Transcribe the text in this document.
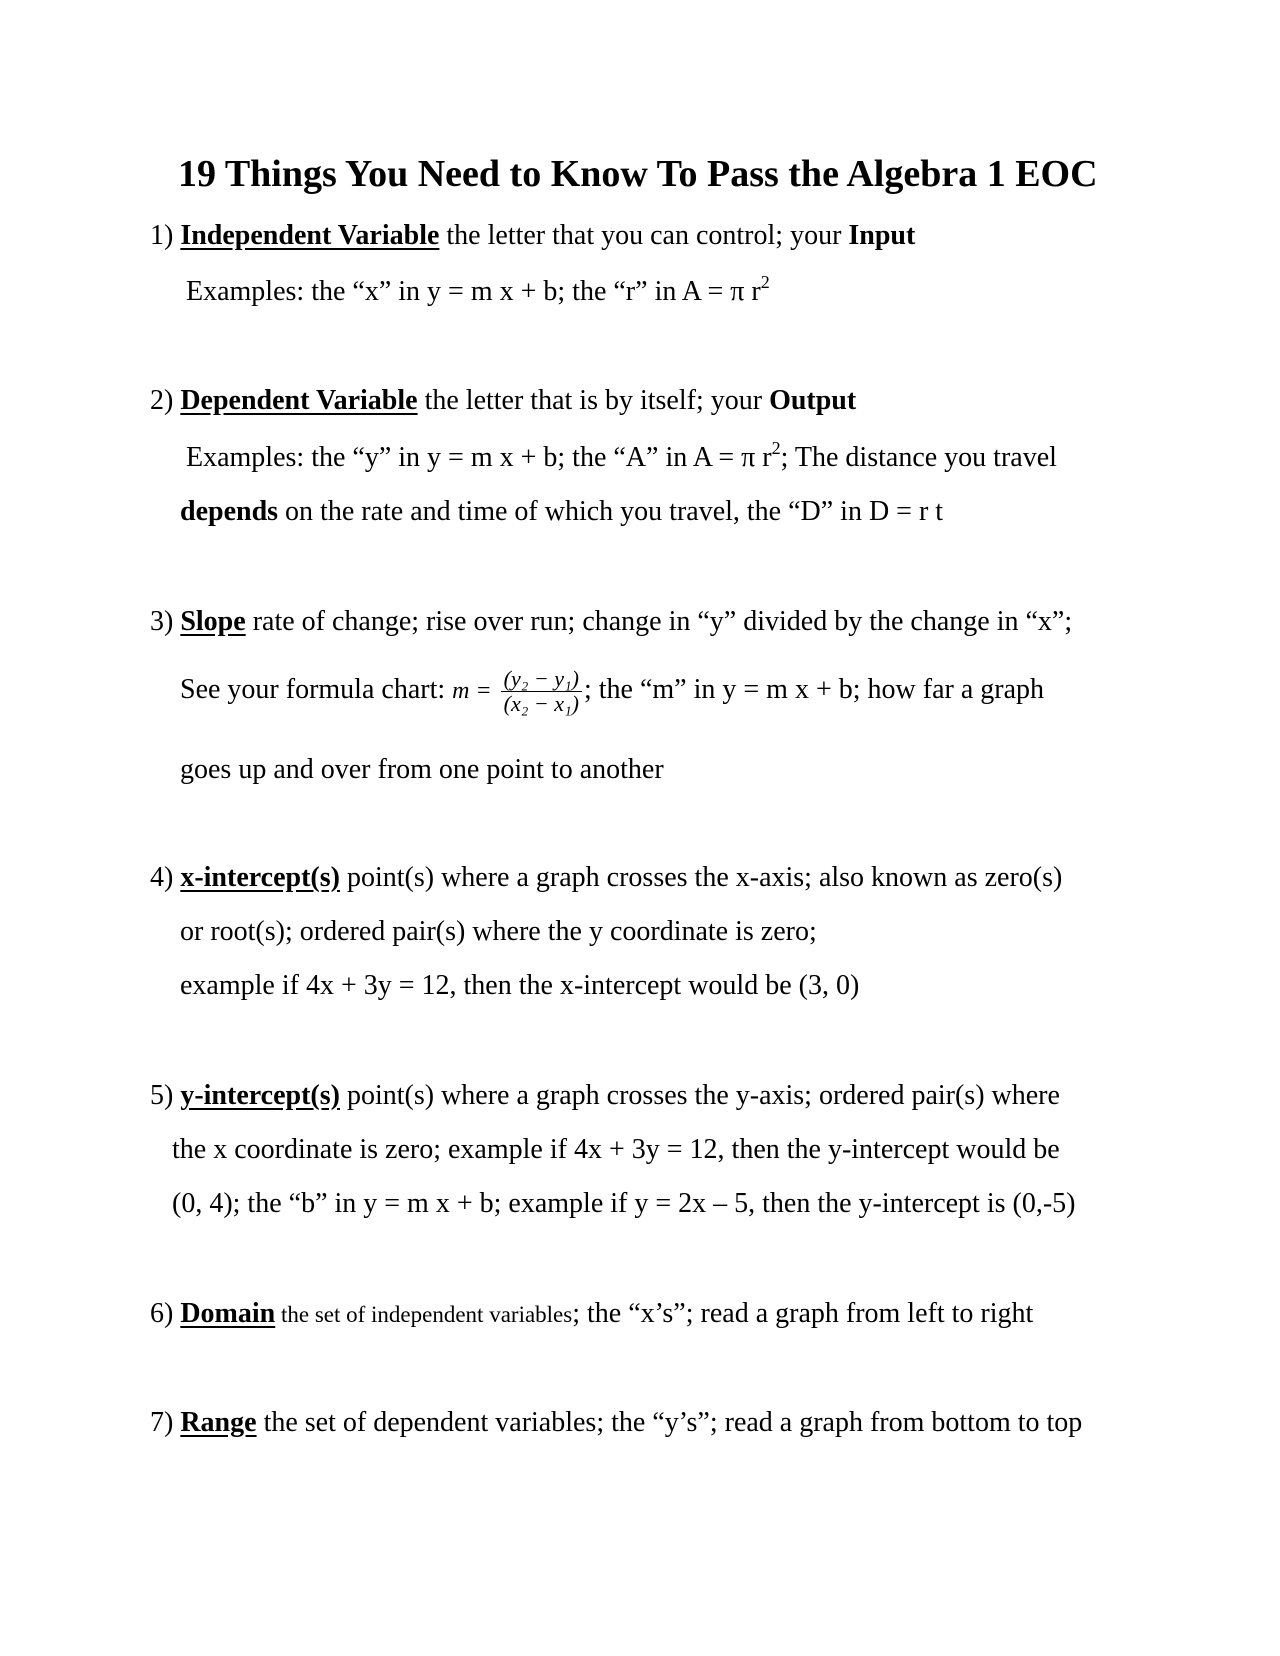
19 Things You Need to Know To Pass the Algebra 1 EOC
1) Independent Variable the letter that you can control; your Input
Examples: the “x” in y = m x + b; the “r” in A = π $r^2$
2) Dependent Variable the letter that is by itself; your Output
Examples: the “y” in y = m x + b; the “A” in A = π $r^2$; The distance you travel
depends on the rate and time of which you travel, the “D” in D = r t
3) Slope rate of change; rise over run; change in “y” divided by the change in “x”;
See your formula chart: $m = \frac{\text{(y₂ − y₁)}}{\text{(x₂ − x₁)}}$ ; the “m” in y = m x + b; how far a graph
goes up and over from one point to another
4) x-intercept(s) point(s) where a graph crosses the x-axis; also known as zero(s)
or root(s); ordered pair(s) where the y coordinate is zero;
example if 4x + 3y = 12, then the x-intercept would be (3, 0)
5) y-intercept(s) point(s) where a graph crosses the y-axis; ordered pair(s) where
the x coordinate is zero; example if 4x + 3y = 12, then the y-intercept would be
(0, 4); the “b” in y = m x + b; example if y = 2x – 5, then the y-intercept is (0,-5)
6) Domain the set of independent variables; the “x’s”; read a graph from left to right
7) Range the set of dependent variables; the “y’s”; read a graph from bottom to top
